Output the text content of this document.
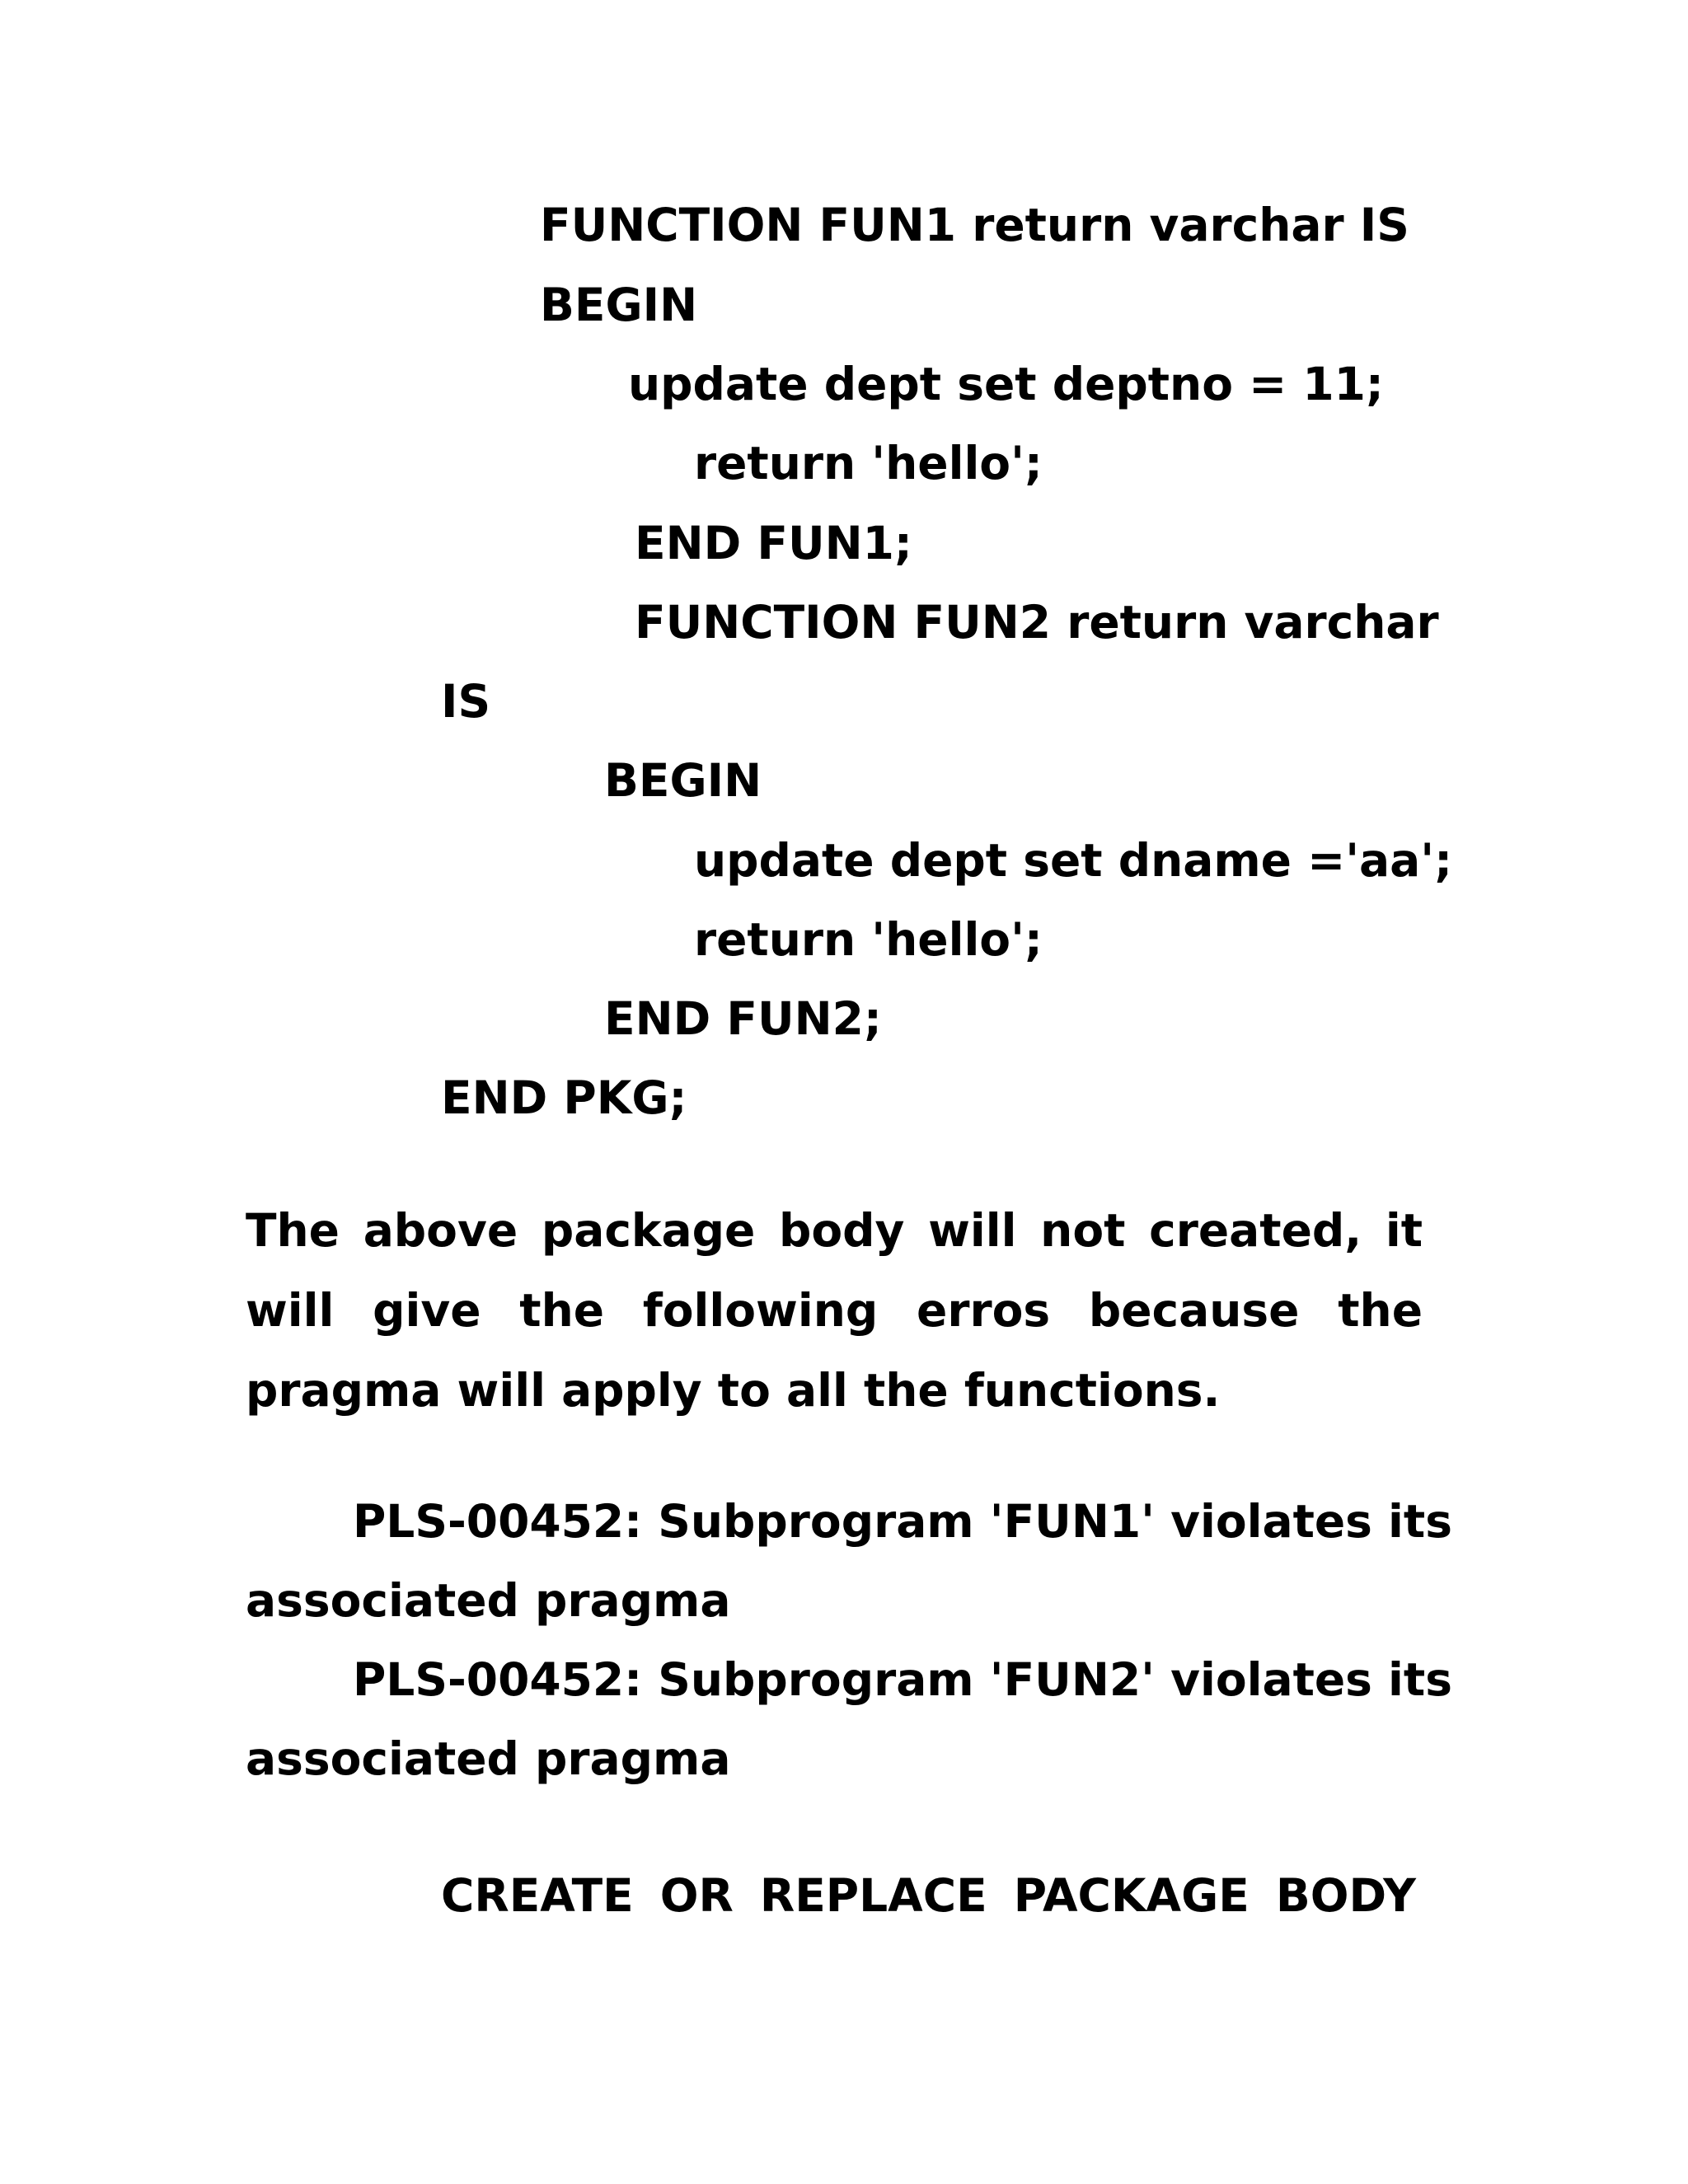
FUNCTION FUN1 return varchar IS
BEGIN
update dept set deptno = 11;
return 'hello';
END FUN1;
FUNCTION FUN2 return varchar
IS
BEGIN
update dept set dname ='aa';
return 'hello';
END FUN2;
END PKG;

The above package body will not created, it will give the following erros because the pragma will apply to all the functions.

PLS-00452: Subprogram 'FUN1' violates its
associated pragma
PLS-00452: Subprogram 'FUN2' violates its
associated pragma
CREATE OR REPLACE PACKAGE BODY
